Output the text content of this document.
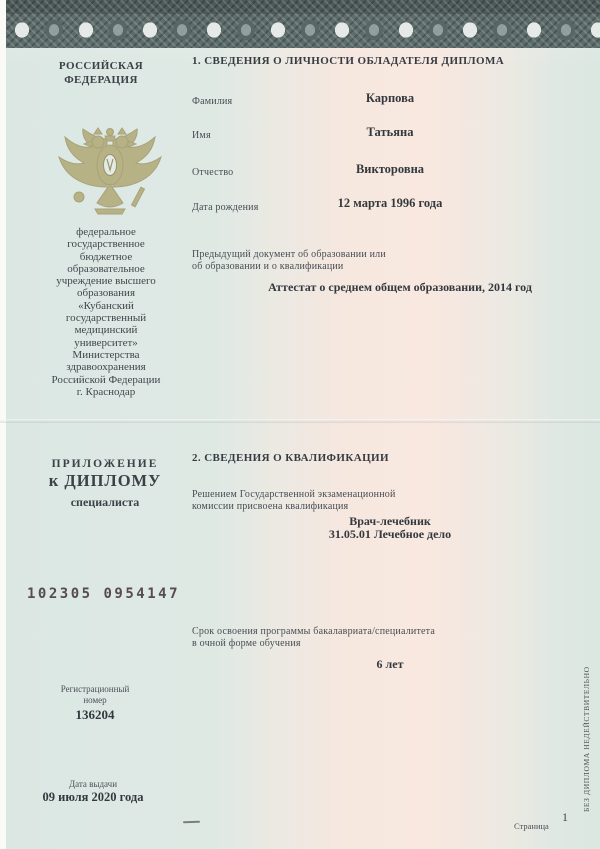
РОССИЙСКАЯ
ФЕДЕРАЦИЯ
федеральное
государственное
бюджетное
образовательное
учреждение высшего
образования
«Кубанский
государственный
медицинский
университет»
Министерства
здравоохранения
Российской Федерации
г. Краснодар
ПРИЛОЖЕНИЕ
к ДИПЛОМУ
специалиста
102305 0954147
Регистрационный
номер
136204
Дата выдачи
09 июля 2020 года
1. СВЕДЕНИЯ О ЛИЧНОСТИ ОБЛАДАТЕЛЯ ДИПЛОМА
Фамилия	Карпова
Имя	Татьяна
Отчество	Викторовна
Дата рождения	12 марта 1996 года
Предыдущий документ об образовании или
об образовании и о квалификации
Аттестат о среднем общем образовании, 2014 год
2. СВЕДЕНИЯ О КВАЛИФИКАЦИИ
Решением Государственной экзаменационной
комиссии присвоена квалификация
Врач-лечебник
31.05.01 Лечебное дело
Срок освоения программы бакалавриата/специалитета
в очной форме обучения
6 лет
Страница
1
БЕЗ ДИПЛОМА НЕДЕЙСТВИТЕЛЬНО
